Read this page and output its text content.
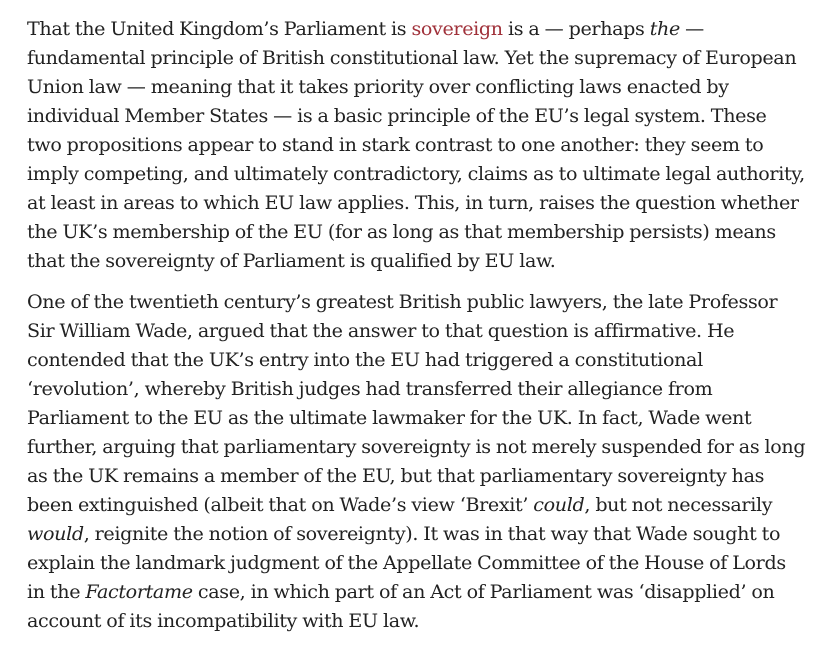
That the United Kingdom’s Parliament is sovereign is a — perhaps the — fundamental principle of British constitutional law. Yet the supremacy of European Union law — meaning that it takes priority over conflicting laws enacted by individual Member States — is a basic principle of the EU’s legal system. These two propositions appear to stand in stark contrast to one another: they seem to imply competing, and ultimately contradictory, claims as to ultimate legal authority, at least in areas to which EU law applies. This, in turn, raises the question whether the UK’s membership of the EU (for as long as that membership persists) means that the sovereignty of Parliament is qualified by EU law.

One of the twentieth century’s greatest British public lawyers, the late Professor Sir William Wade, argued that the answer to that question is affirmative. He contended that the UK’s entry into the EU had triggered a constitutional ‘revolution’, whereby British judges had transferred their allegiance from Parliament to the EU as the ultimate lawmaker for the UK. In fact, Wade went further, arguing that parliamentary sovereignty is not merely suspended for as long as the UK remains a member of the EU, but that parliamentary sovereignty has been extinguished (albeit that on Wade’s view ‘Brexit’ could, but not necessarily would, reignite the notion of sovereignty). It was in that way that Wade sought to explain the landmark judgment of the Appellate Committee of the House of Lords in the Factortame case, in which part of an Act of Parliament was ‘disapplied’ on account of its incompatibility with EU law.
